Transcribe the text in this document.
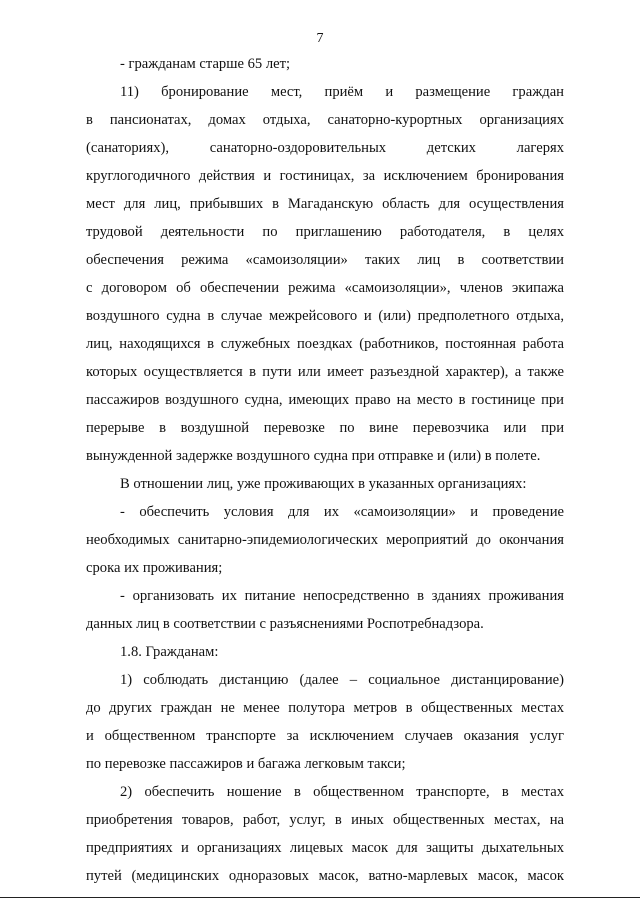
7
- гражданам старше 65 лет;
11) бронирование мест, приём и размещение граждан
в пансионатах, домах отдыха, санаторно-курортных организациях
(санаториях), санаторно-оздоровительных детских лагерях
круглогодичного действия и гостиницах, за исключением бронирования
мест для лиц, прибывших в Магаданскую область для осуществления
трудовой деятельности по приглашению работодателя, в целях
обеспечения режима «самоизоляции» таких лиц в соответствии
с договором об обеспечении режима «самоизоляции», членов экипажа
воздушного судна в случае межрейсового и (или) предполетного отдыха,
лиц, находящихся в служебных поездках (работников, постоянная работа
которых осуществляется в пути или имеет разъездной характер), а также
пассажиров воздушного судна, имеющих право на место в гостинице при
перерыве в воздушной перевозке по вине перевозчика или при
вынужденной задержке воздушного судна при отправке и (или) в полете.
В отношении лиц, уже проживающих в указанных организациях:
- обеспечить условия для их «самоизоляции» и проведение
необходимых санитарно-эпидемиологических мероприятий до окончания
срока их проживания;
- организовать их питание непосредственно в зданиях проживания
данных лиц в соответствии с разъяснениями Роспотребнадзора.
1.8. Гражданам:
1) соблюдать дистанцию (далее – социальное дистанцирование)
до других граждан не менее полутора метров в общественных местах
и общественном транспорте за исключением случаев оказания услуг
по перевозке пассажиров и багажа легковым такси;
2) обеспечить ношение в общественном транспорте, в местах
приобретения товаров, работ, услуг, в иных общественных местах, на
предприятиях и организациях лицевых масок для защиты дыхательных
путей (медицинских одноразовых масок, ватно-марлевых масок, масок
